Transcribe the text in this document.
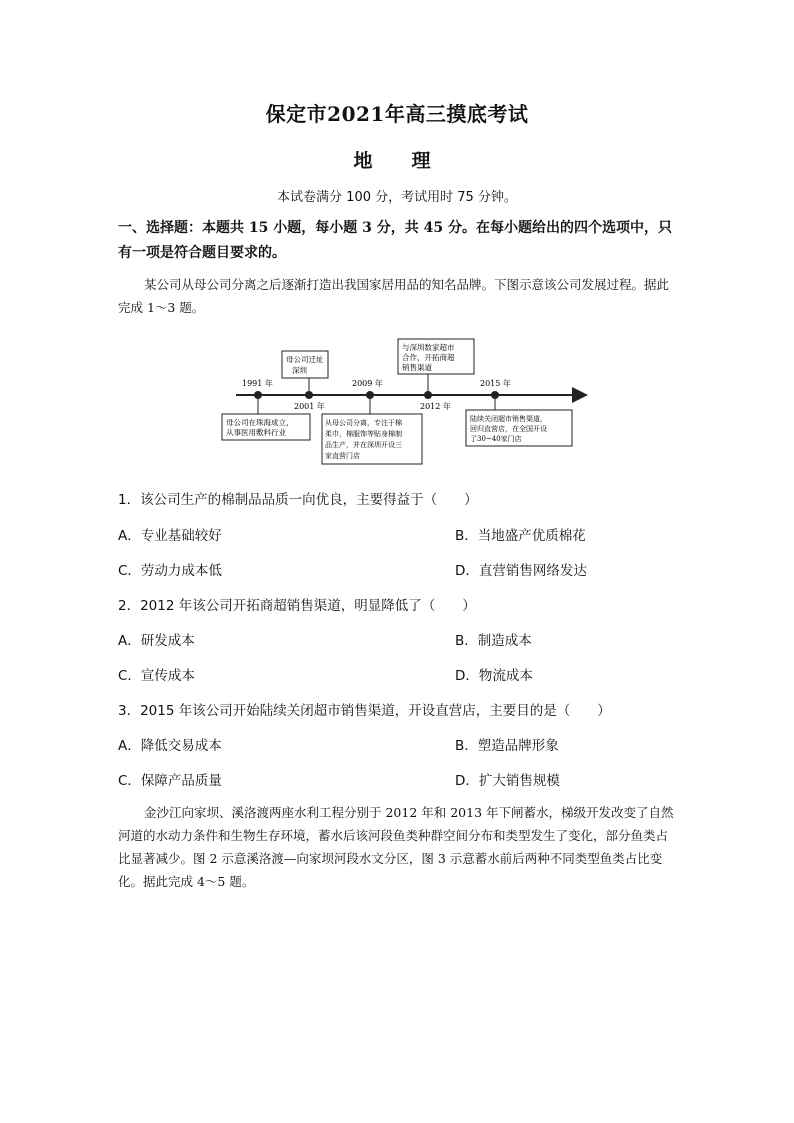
保定市2021年高三摸底考试
地　理
本试卷满分 100 分，考试用时 75 分钟。
一、选择题：本题共 15 小题，每小题 3 分，共 45 分。在每小题给出的四个选项中，只有一项是符合题目要求的。
某公司从母公司分离之后逐渐打造出我国家居用品的知名品牌。下图示意该公司发展过程。据此完成 1～3 题。
1991 年
2001 年
2009 年
2012 年
2015 年
母公司在珠海成立，
从事医用敷料行业
母公司迁址
深圳
从母公司分离，专注于棉
柔巾，棉服饰等贴身棉制
品生产，并在深圳开设三
家直营门店
与深圳数家超市
合作，开拓商超
销售渠道
陆续关闭超市销售渠道，
回归直营店，在全国开设
了30~40家门店
1．该公司生产的棉制品品质一向优良，主要得益于（　　）
A．专业基础较好	B．当地盛产优质棉花
C．劳动力成本低	D．直营销售网络发达
2．2012 年该公司开拓商超销售渠道，明显降低了（　　）
A．研发成本	B．制造成本
C．宣传成本	D．物流成本
3．2015 年该公司开始陆续关闭超市销售渠道，开设直营店，主要目的是（　　）
A．降低交易成本	B．塑造品牌形象
C．保障产品质量	D．扩大销售规模
金沙江向家坝、溪洛渡两座水利工程分别于 2012 年和 2013 年下闸蓄水，梯级开发改变了自然河道的水动力条件和生物生存环境，蓄水后该河段鱼类种群空间分布和类型发生了变化，部分鱼类占比显著减少。图 2 示意溪洛渡—向家坝河段水文分区，图 3 示意蓄水前后两种不同类型鱼类占比变化。据此完成 4～5 题。
